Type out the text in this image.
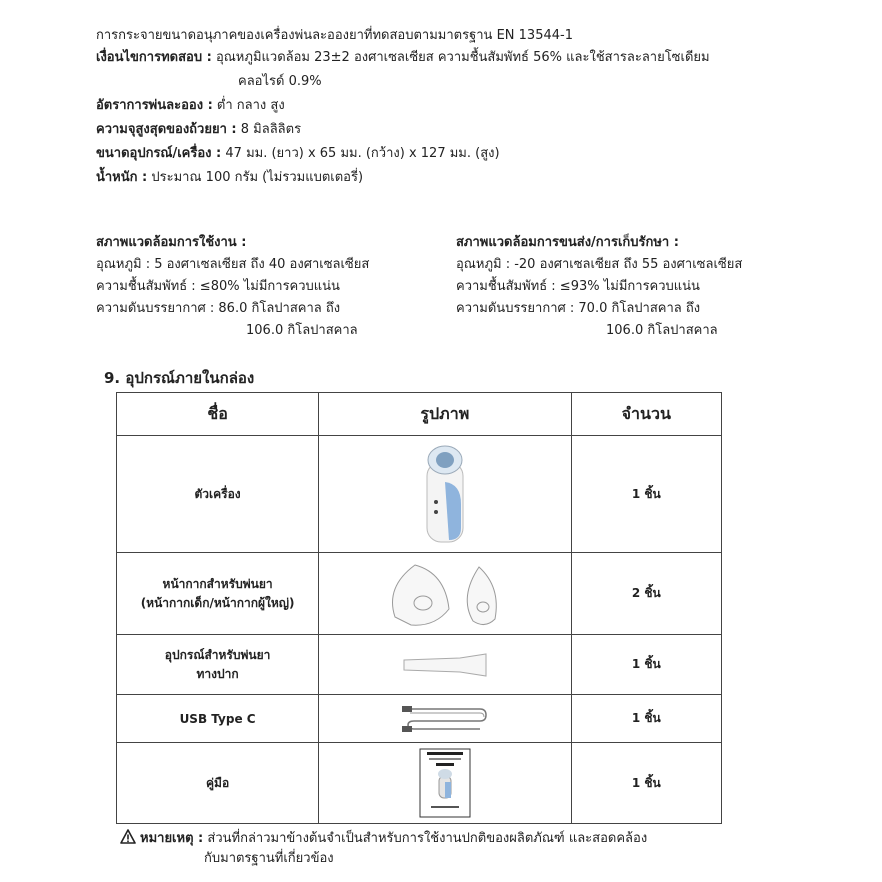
การกระจายขนาดอนุภาคของเครื่องพ่นละอองยาที่ทดสอบตามมาตรฐาน EN 13544-1
เงื่อนไขการทดสอบ : อุณหภูมิแวดล้อม 23±2 องศาเซลเซียส ความชื้นสัมพัทธ์ 56% และใช้สารละลายโซเดียม
คลอไรด์ 0.9%
อัตราการพ่นละออง : ต่ำ กลาง สูง
ความจุสูงสุดของถ้วยยา : 8 มิลลิลิตร
ขนาดอุปกรณ์/เครื่อง : 47 มม. (ยาว) x 65 มม. (กว้าง) x 127 มม. (สูง)
น้ำหนัก : ประมาณ 100 กรัม (ไม่รวมแบตเตอรี่)
สภาพแวดล้อมการใช้งาน :
อุณหภูมิ : 5 องศาเซลเซียส ถึง 40 องศาเซลเซียส
ความชื้นสัมพัทธ์ : ≤80% ไม่มีการควบแน่น
ความดันบรรยากาศ : 86.0 กิโลปาสคาล ถึง
106.0 กิโลปาสคาล
สภาพแวดล้อมการขนส่ง/การเก็บรักษา :
อุณหภูมิ : -20 องศาเซลเซียส ถึง 55 องศาเซลเซียส
ความชื้นสัมพัทธ์ : ≤93% ไม่มีการควบแน่น
ความดันบรรยากาศ : 70.0 กิโลปาสคาล ถึง
106.0 กิโลปาสคาล
9. อุปกรณ์ภายในกล่อง
ชื่อ	รูปภาพ	จำนวน
ตัวเครื่อง		1 ชิ้น

หน้ากากสำหรับพ่นยา
(หน้ากากเด็ก/หน้ากากผู้ใหญ่)		2 ชิ้น

อุปกรณ์สำหรับพ่นยา
ทางปาก		1 ชิ้น
USB Type C		1 ชิ้น
คู่มือ		1 ชิ้น
หมายเหตุ : ส่วนที่กล่าวมาข้างต้นจำเป็นสำหรับการใช้งานปกติของผลิตภัณฑ์ และสอดคล้อง
กับมาตรฐานที่เกี่ยวข้อง
